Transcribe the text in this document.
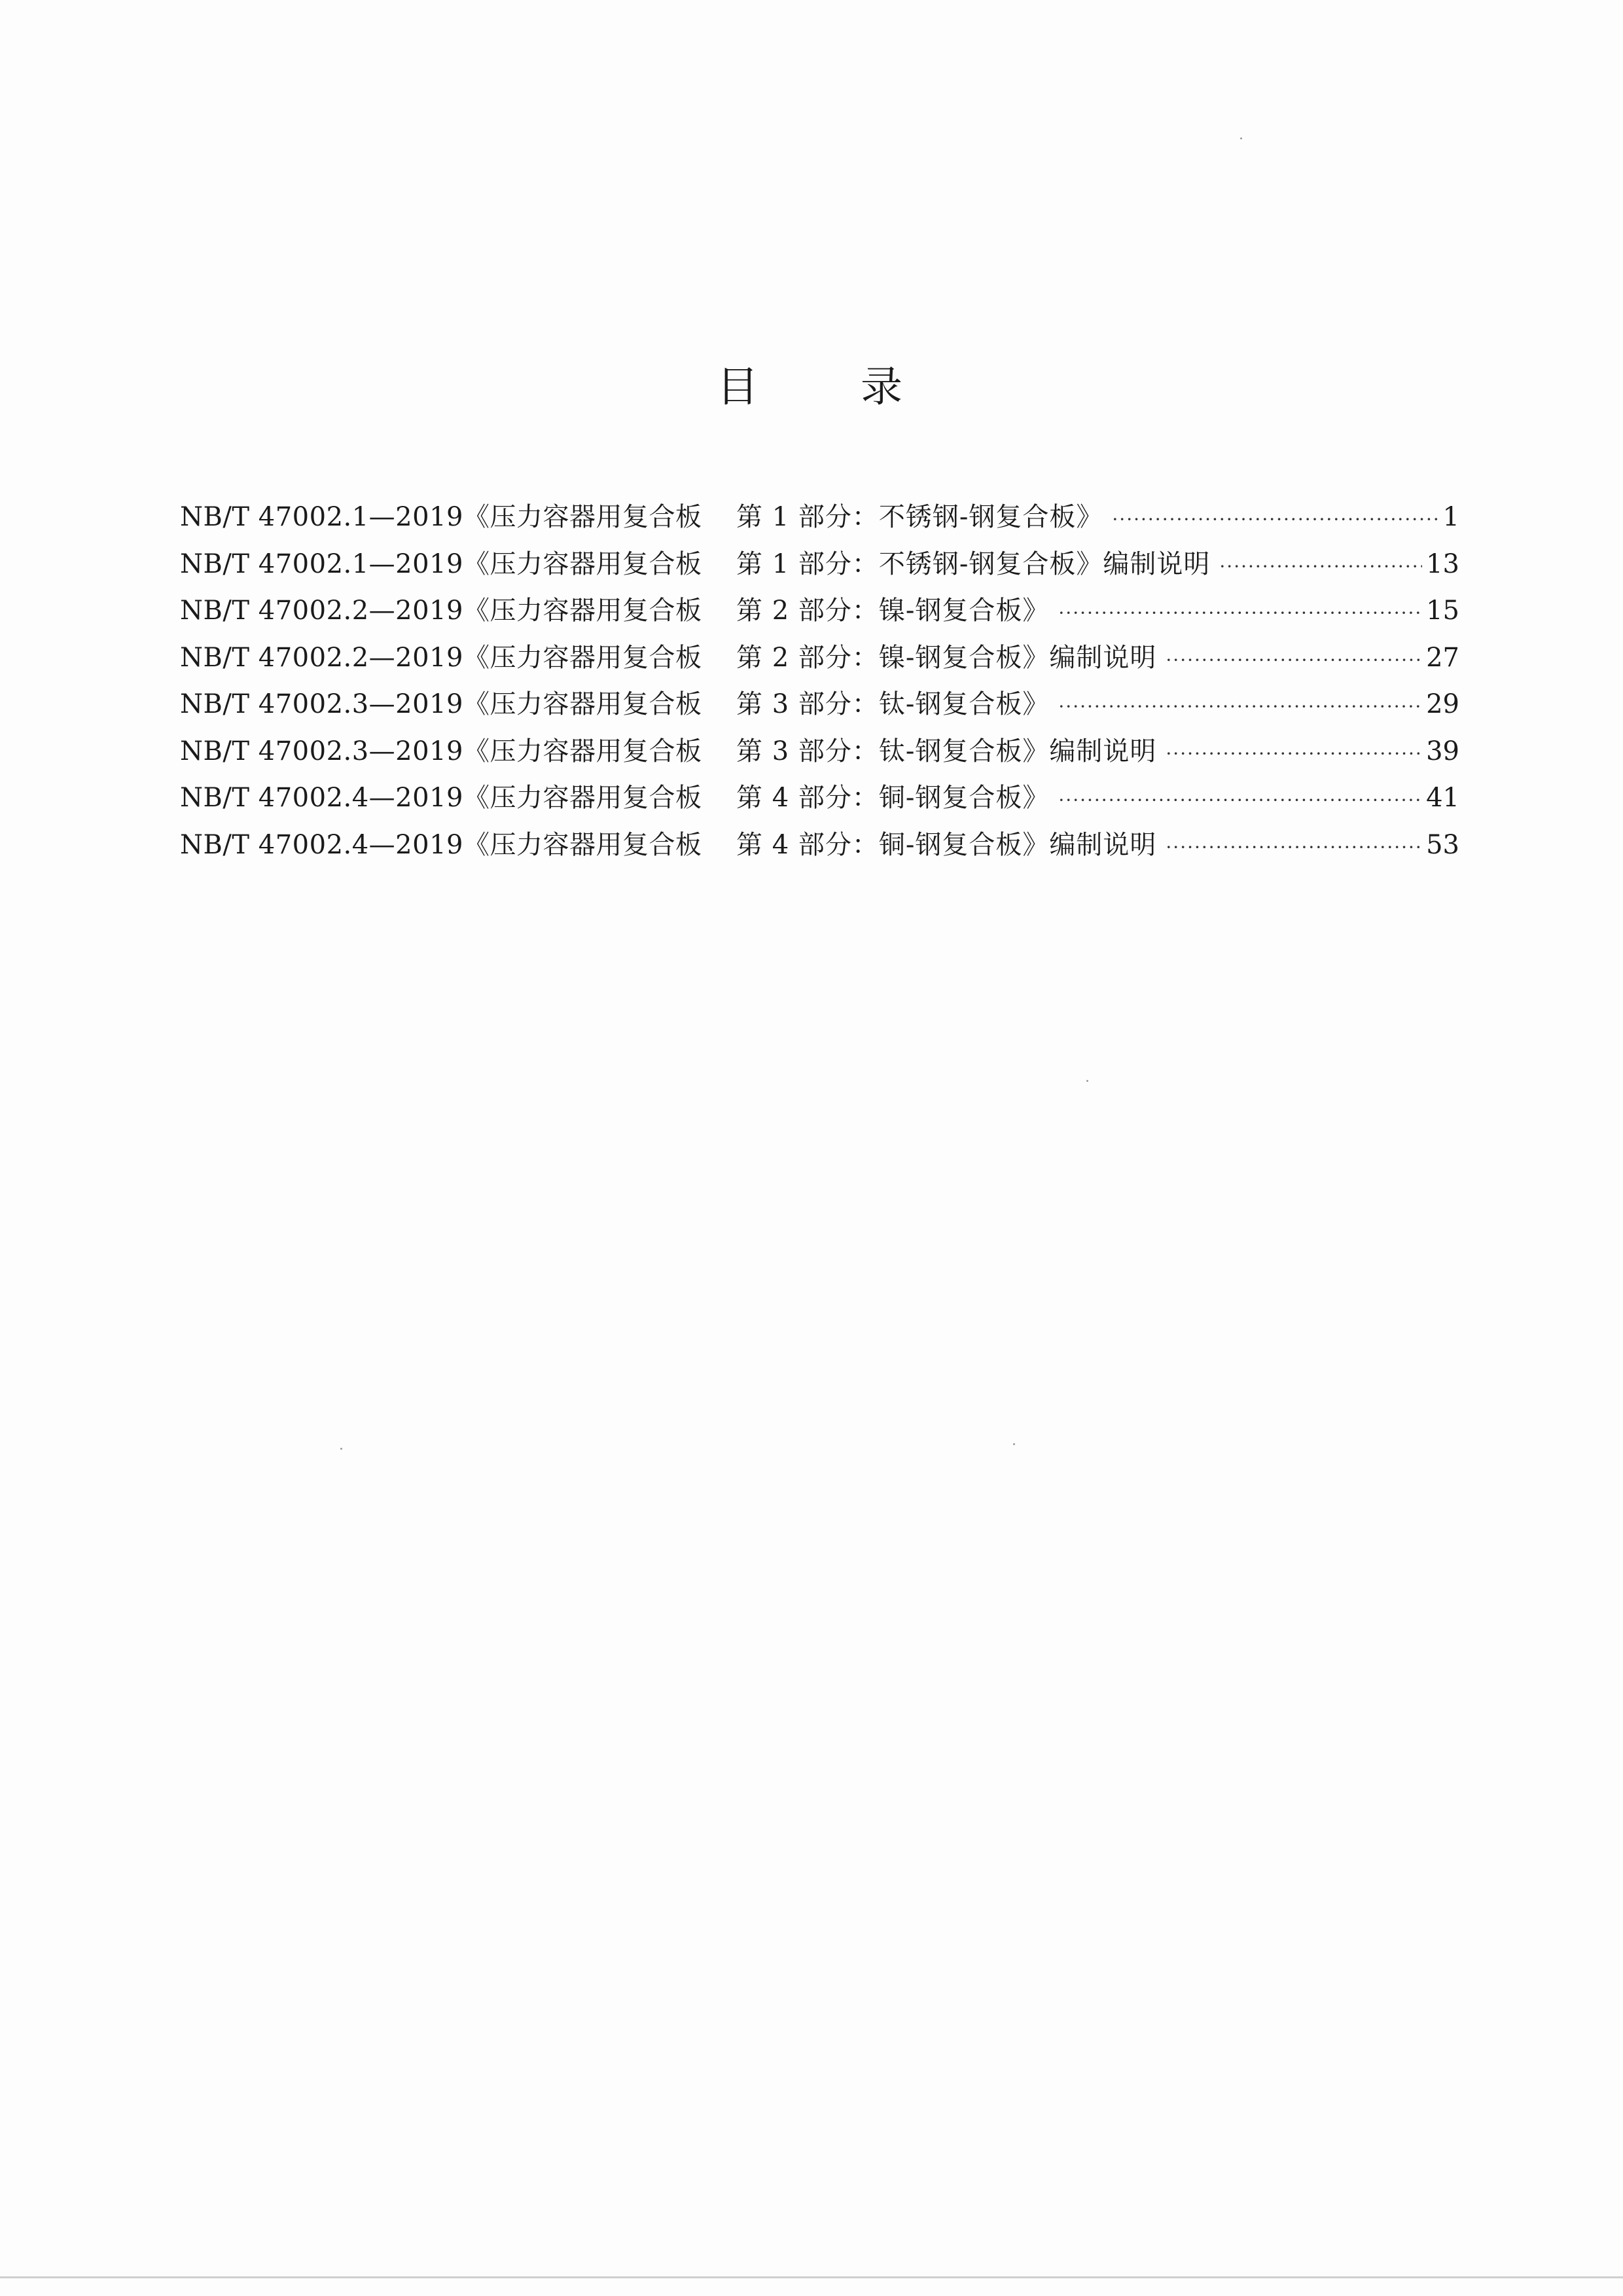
目 录
NB/T 47002.1—2019《压力容器用复合板	第 1 部分：不锈钢-钢复合板》 ·····	1
NB/T 47002.1—2019《压力容器用复合板	第 1 部分：不锈钢-钢复合板》编制说明 ·····	13
NB/T 47002.2—2019《压力容器用复合板	第 2 部分：镍-钢复合板》 ·····	15
NB/T 47002.2—2019《压力容器用复合板	第 2 部分：镍-钢复合板》编制说明 ·····	27
NB/T 47002.3—2019《压力容器用复合板	第 3 部分：钛-钢复合板》 ·····	29
NB/T 47002.3—2019《压力容器用复合板	第 3 部分：钛-钢复合板》编制说明 ·····	39
NB/T 47002.4—2019《压力容器用复合板	第 4 部分：铜-钢复合板》 ·····	41
NB/T 47002.4—2019《压力容器用复合板	第 4 部分：铜-钢复合板》编制说明 ·····	53
